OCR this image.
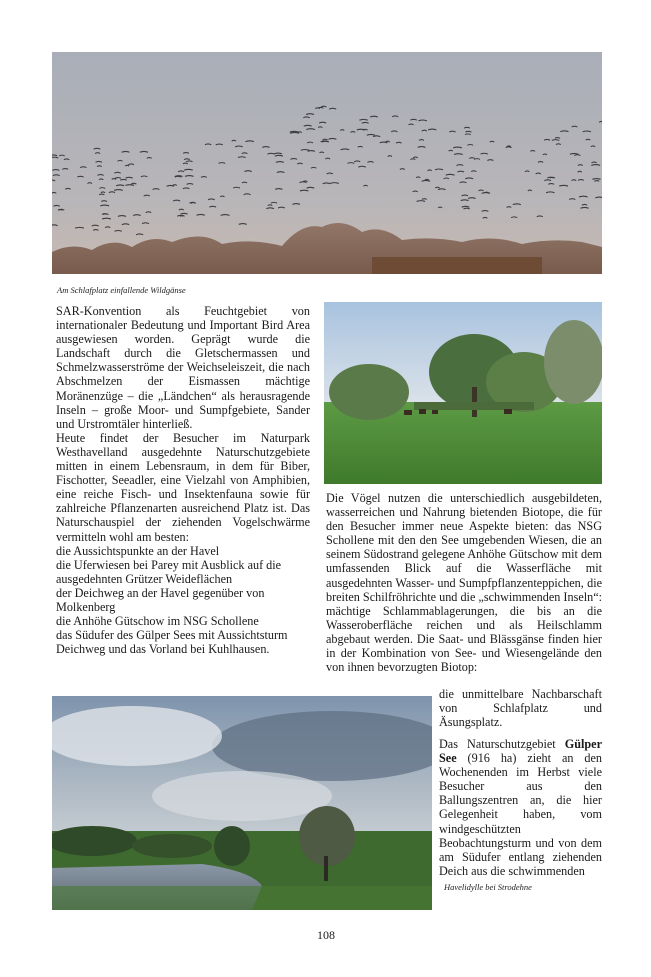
Am Schlafplatz einfallende Wildgänse
SAR-Konvention als Feuchtgebiet von internationaler Bedeutung und Important Bird Area ausgewiesen worden. Geprägt wurde die Landschaft durch die Gletschermassen und Schmelzwasserströme der Weichseleiszeit, die nach Abschmelzen der Eismassen mächtige Moränenzüge – die „Ländchen“ als herausragende Inseln – große Moor- und Sumpfgebiete, Sander und Urstromtäler hinterließ.
Heute findet der Besucher im Naturpark Westhavelland ausgedehnte Naturschutzgebiete mitten in einem Lebensraum, in dem für Biber, Fischotter, Seeadler, eine Vielzahl von Amphibien, eine reiche Fisch- und Insektenfauna sowie für zahlreiche Pflanzenarten ausreichend Platz ist. Das Naturschauspiel der ziehenden Vogelschwärme vermitteln wohl am besten:
die Aussichtspunkte an der Havel
die Uferwiesen bei Parey mit Ausblick auf die ausgedehnten Grützer Weideflächen
der Deichweg an der Havel gegenüber von Molkenberg
die Anhöhe Gütschow im NSG Schollene
das Südufer des Gülper Sees mit Aussichtsturm Deichweg und das Vorland bei Kuhlhausen.
Die Vögel nutzen die unterschiedlich ausgebildeten, wasserreichen und Nahrung bietenden Biotope, die für den Besucher immer neue Aspekte bieten: das NSG Schollene mit den den See umgebenden Wiesen, die an seinem Südostrand gelegene Anhöhe Gütschow mit dem umfassenden Blick auf die Wasserfläche mit ausgedehnten Wasser- und Sumpfpflanzenteppichen, die breiten Schilfröhrichte und die „schwimmenden Inseln“: mächtige Schlammablagerungen, die bis an die Wasseroberfläche reichen und als Heilschlamm abgebaut werden. Die Saat- und Blässgänse finden hier in der Kombination von See- und Wiesengelände den von ihnen bevorzugten Biotop:
die unmittelbare Nachbarschaft von Schlafplatz und Äsungsplatz.
Das Naturschutzgebiet Gülper See (916 ha) zieht an den Wochenenden im Herbst viele Besucher aus den Ballungszentren an, die hier Gelegenheit haben, vom windgeschützten Beobachtungsturm und von dem am Südufer entlang ziehenden Deich aus die schwimmenden
Havelidylle bei Strodehne
108
